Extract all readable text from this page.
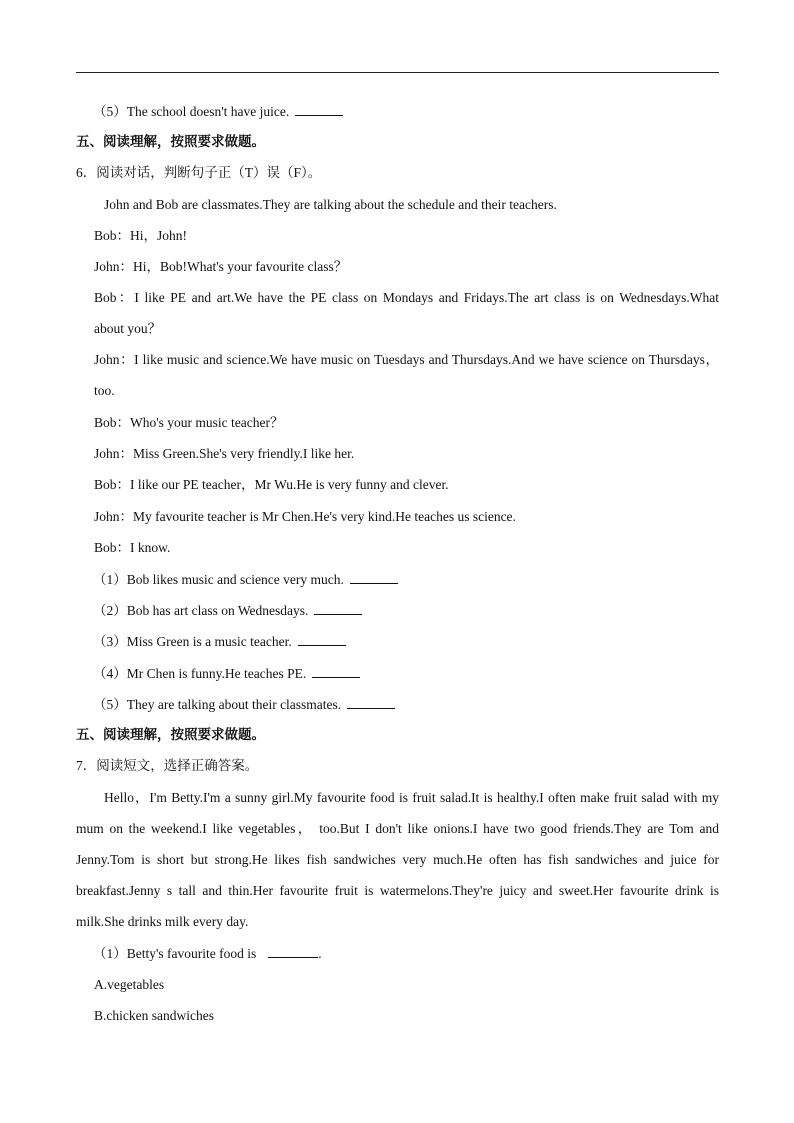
（5）The school doesn't have juice.
五、阅读理解，按照要求做题。
6．阅读对话，判断句子正（T）误（F）。
John and Bob are classmates.They are talking about the schedule and their teachers.
Bob：Hi，John!
John：Hi，Bob!What's your favourite class？
Bob：I like PE and art.We have the PE class on Mondays and Fridays.The art class is on Wednesdays.What
about you？
John：I like music and science.We have music on Tuesdays and Thursdays.And we have science on Thursdays，
too.
Bob：Who's your music teacher？
John：Miss Green.She's very friendly.I like her.
Bob：I like our PE teacher，Mr Wu.He is very funny and clever.
John：My favourite teacher is Mr Chen.He's very kind.He teaches us science.
Bob：I know.
（1）Bob likes music and science very much.
（2）Bob has art class on Wednesdays.
（3）Miss Green is a music teacher.
（4）Mr Chen is funny.He teaches PE.
（5）They are talking about their classmates.
五、阅读理解，按照要求做题。
7．阅读短文，选择正确答案。
Hello，I'm Betty.I'm a sunny girl.My favourite food is fruit salad.It is healthy.I often make fruit salad with my
mum on the weekend.I like vegetables， too.But I don't like onions.I have two good friends.They are Tom and
Jenny.Tom is short but strong.He likes fish sandwiches very much.He often has fish sandwiches and juice for
breakfast.Jenny s tall and thin.Her favourite fruit is watermelons.They're juicy and sweet.Her favourite drink is
milk.She drinks milk every day.
（1）Betty's favourite food is	.
A.vegetables
B.chicken sandwiches
